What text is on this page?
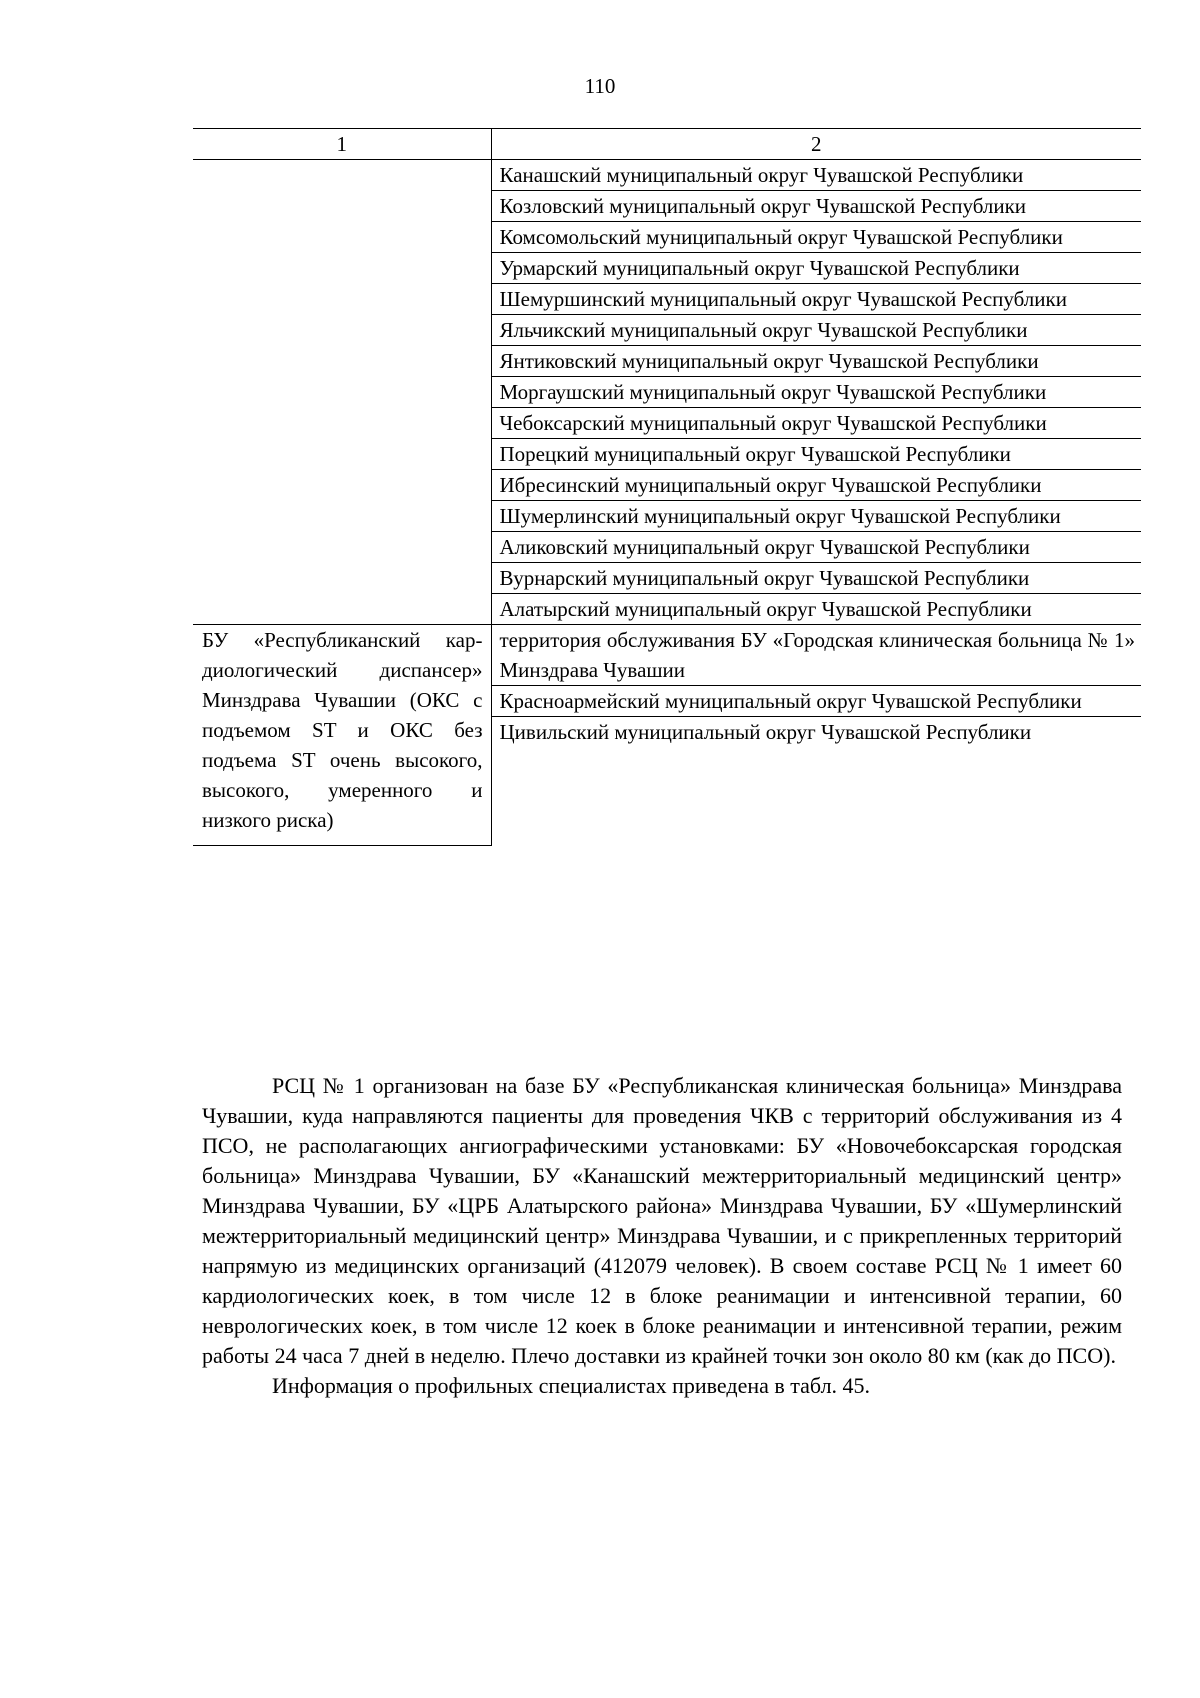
110
1	2
	Канашский муниципальный округ Чувашской Республики
	Козловский муниципальный округ Чувашской Республики
	Комсомольский муниципальный округ Чувашской Республики
	Урмарский муниципальный округ Чувашской Республики
	Шемуршинский муниципальный округ Чувашской Республики
	Яльчикский муниципальный округ Чувашской Республики
	Янтиковский муниципальный округ Чувашской Республики
	Моргаушский муниципальный округ Чувашской Республики
	Чебоксарский муниципальный округ Чувашской Республики
	Порецкий муниципальный округ Чувашской Республики
	Ибресинский муниципальный округ Чувашской Республики
	Шумерлинский муниципальный округ Чувашской Республики
	Аликовский муниципальный округ Чувашской Республики
	Вурнарский муниципальный округ Чувашской Республики
	Алатырский муниципальный округ Чувашской Республики
БУ «Республиканский кардиологический диспансер» Минздрава Чувашии (ОКС с подъемом ST и ОКС без подъема ST очень высокого, высокого, умеренного и низкого риска)	территория обслуживания БУ «Городская клиническая больница № 1» Минздрава Чувашии
	Красноармейский муниципальный округ Чувашской Республики
	Цивильский муниципальный округ Чувашской Республики

РСЦ № 1 организован на базе БУ «Республиканская клиническая больница» Минздрава Чувашии, куда направляются пациенты для проведения ЧКВ с территорий обслуживания из 4 ПСО, не располагающих ангиографическими установками: БУ «Новочебоксарская городская больница» Минздрава Чувашии, БУ «Канашский межтерриториальный медицинский центр» Минздрава Чувашии, БУ «ЦРБ Алатырского района» Минздрава Чувашии, БУ «Шумерлинский межтерриториальный медицинский центр» Минздрава Чувашии, и с прикрепленных территорий напрямую из медицинских организаций (412079 человек). В своем составе РСЦ № 1 имеет 60 кардиологических коек, в том числе 12 в блоке реанимации и интенсивной терапии, 60 неврологических коек, в том числе 12 коек в блоке реанимации и интенсивной терапии, режим работы 24 часа 7 дней в неделю. Плечо доставки из крайней точки зон около 80 км (как до ПСО).

Информация о профильных специалистах приведена в табл. 45.
